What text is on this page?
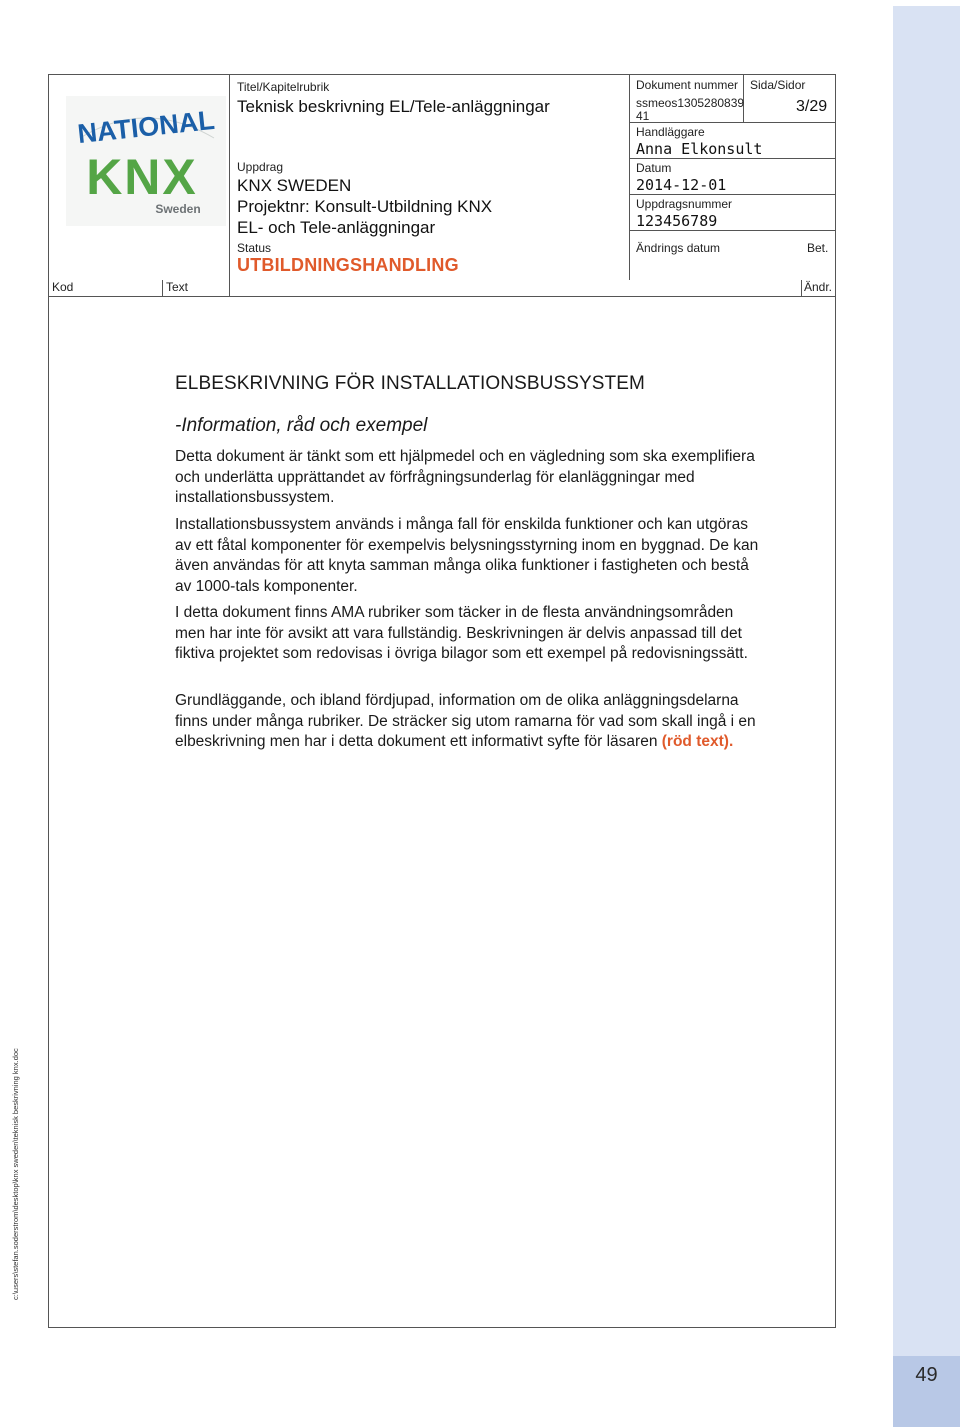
49
c:\users\stefan.soderstrom\desktop\knx sweden\teknisk beskrivning knx.doc
NATIONAL
KNX
Sweden
Titel/Kapitelrubrik
Teknisk beskrivning EL/Tele-anläggningar
Uppdrag
KNX SWEDEN
Projektnr: Konsult-Utbildning KNX
EL- och Tele-anläggningar
Status
UTBILDNINGSHANDLING
Dokument nummer
ssmeos1305280839
41
Sida/Sidor
3/29
Handläggare
Anna Elkonsult
Datum
2014-12-01
Uppdragsnummer
123456789
Ändrings datum	Bet.
Kod	Text	Ändr.
ELBESKRIVNING FÖR INSTALLATIONSBUSSYSTEM
-Information, råd och exempel

Detta dokument är tänkt som ett hjälpmedel och en vägledning som ska exemplifiera och underlätta upprättandet av förfrågningsunderlag för elanläggningar med installationsbussystem.

Installationsbussystem används i många fall för enskilda funktioner och kan utgöras av ett fåtal komponenter för exempelvis belysningsstyrning inom en byggnad. De kan även användas för att knyta samman många olika funktioner i fastigheten och bestå av 1000-tals komponenter.

I detta dokument finns AMA rubriker som täcker in de flesta användningsområden men har inte för avsikt att vara fullständig. Beskrivningen är delvis anpassad till det fiktiva projektet som redovisas i övriga bilagor som ett exempel på redovisningssätt.

Grundläggande, och ibland fördjupad, information om de olika anläggningsdelarna finns under många rubriker. De sträcker sig utom ramarna för vad som skall ingå i en elbeskrivning men har i detta dokument ett informativt syfte för läsaren (röd text).
